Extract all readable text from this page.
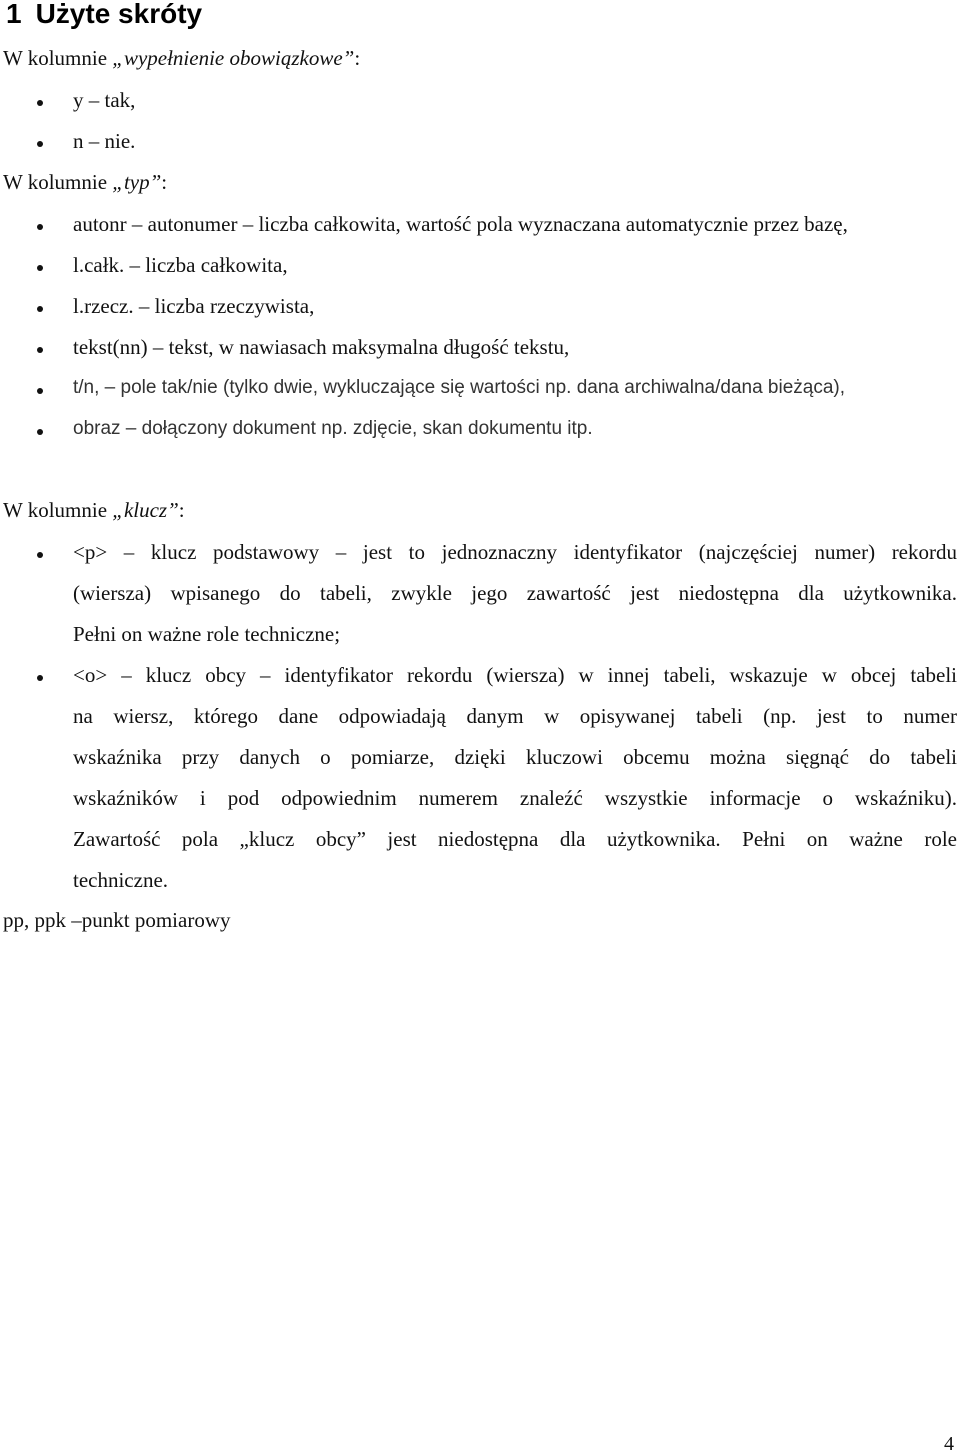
1 Użyte skróty
W kolumnie „wypełnienie obowiązkowe”:
y – tak,
n – nie.
W kolumnie „typ”:
autonr – autonumer – liczba całkowita, wartość pola wyznaczana automatycznie przez bazę,
l.całk. – liczba całkowita,
l.rzecz. – liczba rzeczywista,
tekst(nn) – tekst, w nawiasach maksymalna długość tekstu,
t/n, – pole tak/nie (tylko dwie, wykluczające się wartości np. dana archiwalna/dana bieżąca),
obraz – dołączony dokument np. zdjęcie, skan dokumentu itp.
W kolumnie „klucz”:
<p> – klucz podstawowy – jest to jednoznaczny identyfikator (najczęściej numer) rekordu
(wiersza) wpisanego do tabeli, zwykle jego zawartość jest niedostępna dla użytkownika.
Pełni on ważne role techniczne;
<o> – klucz obcy – identyfikator rekordu (wiersza) w innej tabeli, wskazuje w obcej tabeli
na wiersz, którego dane odpowiadają danym w opisywanej tabeli (np. jest to numer
wskaźnika przy danych o pomiarze, dzięki kluczowi obcemu można sięgnąć do tabeli
wskaźników i pod odpowiednim numerem znaleźć wszystkie informacje o wskaźniku).
Zawartość pola „klucz obcy” jest niedostępna dla użytkownika. Pełni on ważne role
techniczne.
pp, ppk –punkt pomiarowy
4
